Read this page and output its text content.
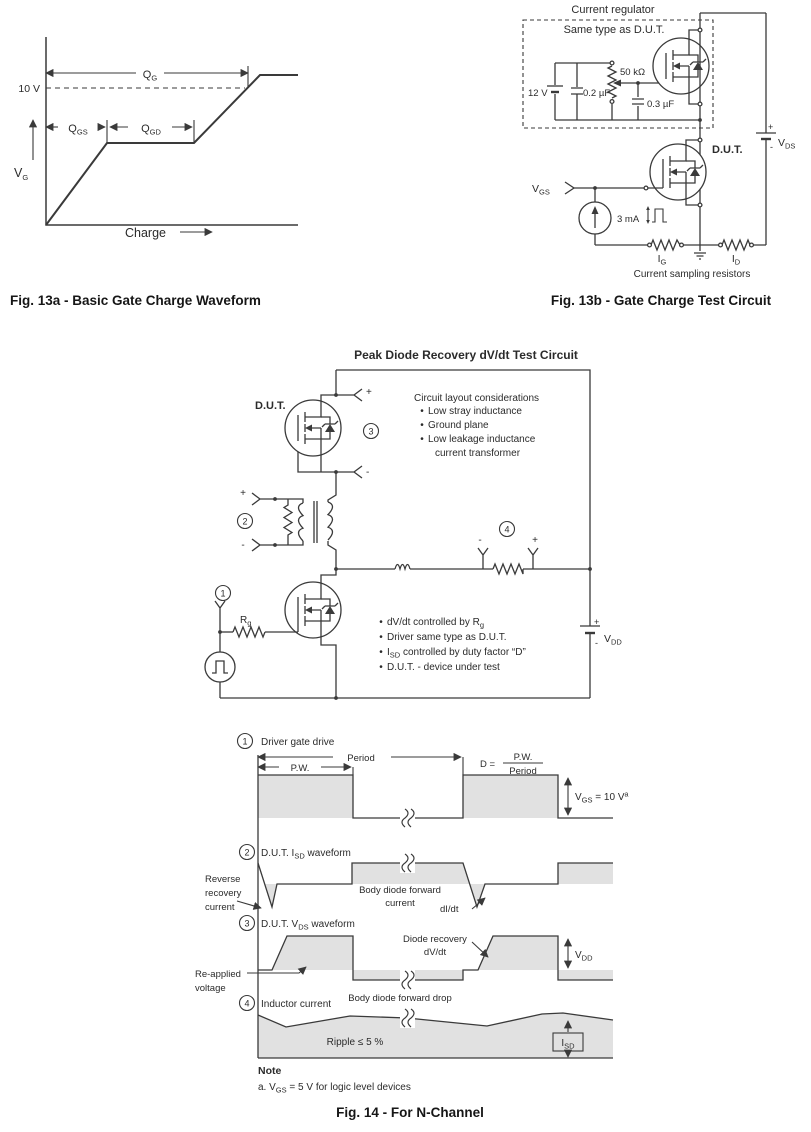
10 V
$Q_G$
$Q_{GS}$	$Q_{GD}$
$V_G$
Charge
Fig. 13a - Basic Gate Charge Waveform
Current regulator
Same type as D.U.T.
12 V	0.2 µF
50 kΩ
0.3 µF
+
- $V_{DS}$
D.U.T.
$V_{GS}$
3 mA
$I_G$	$I_D$
Current sampling resistors
Fig. 13b - Gate Charge Test Circuit
Peak Diode Recovery dV/dt Test Circuit
D.U.T.
+
-
3
Circuit layout considerations
• Low stray inductance
• Ground plane
• Low leakage inductance
current transformer
+
-
2
-	+
4
1
$R_g$	• dV/dt controlled by $R_g$
• Driver same type as D.U.T.
• $I_{SD}$ controlled by duty factor “D”
• D.U.T. - device under test
+
- $V_{DD}$
1 Driver gate drive
Period
P.W.	D =
P.W.
Period
$V_{GS} = 10$ $V^a$
2 D.U.T. $I_{SD}$ waveform
Reverse
recovery
current
Body diode forward
current
dI/dt
3 D.U.T. $V_{DS}$ waveform
Diode recovery
dV/dt
Re-applied
voltage
Body diode forward drop
$V_{DD}$
4 Inductor current
Ripple ≤ 5 %	$I_{SD}$
Note
a. $V_{GS} = 5$ V for logic level devices
Fig. 14 - For N-Channel
